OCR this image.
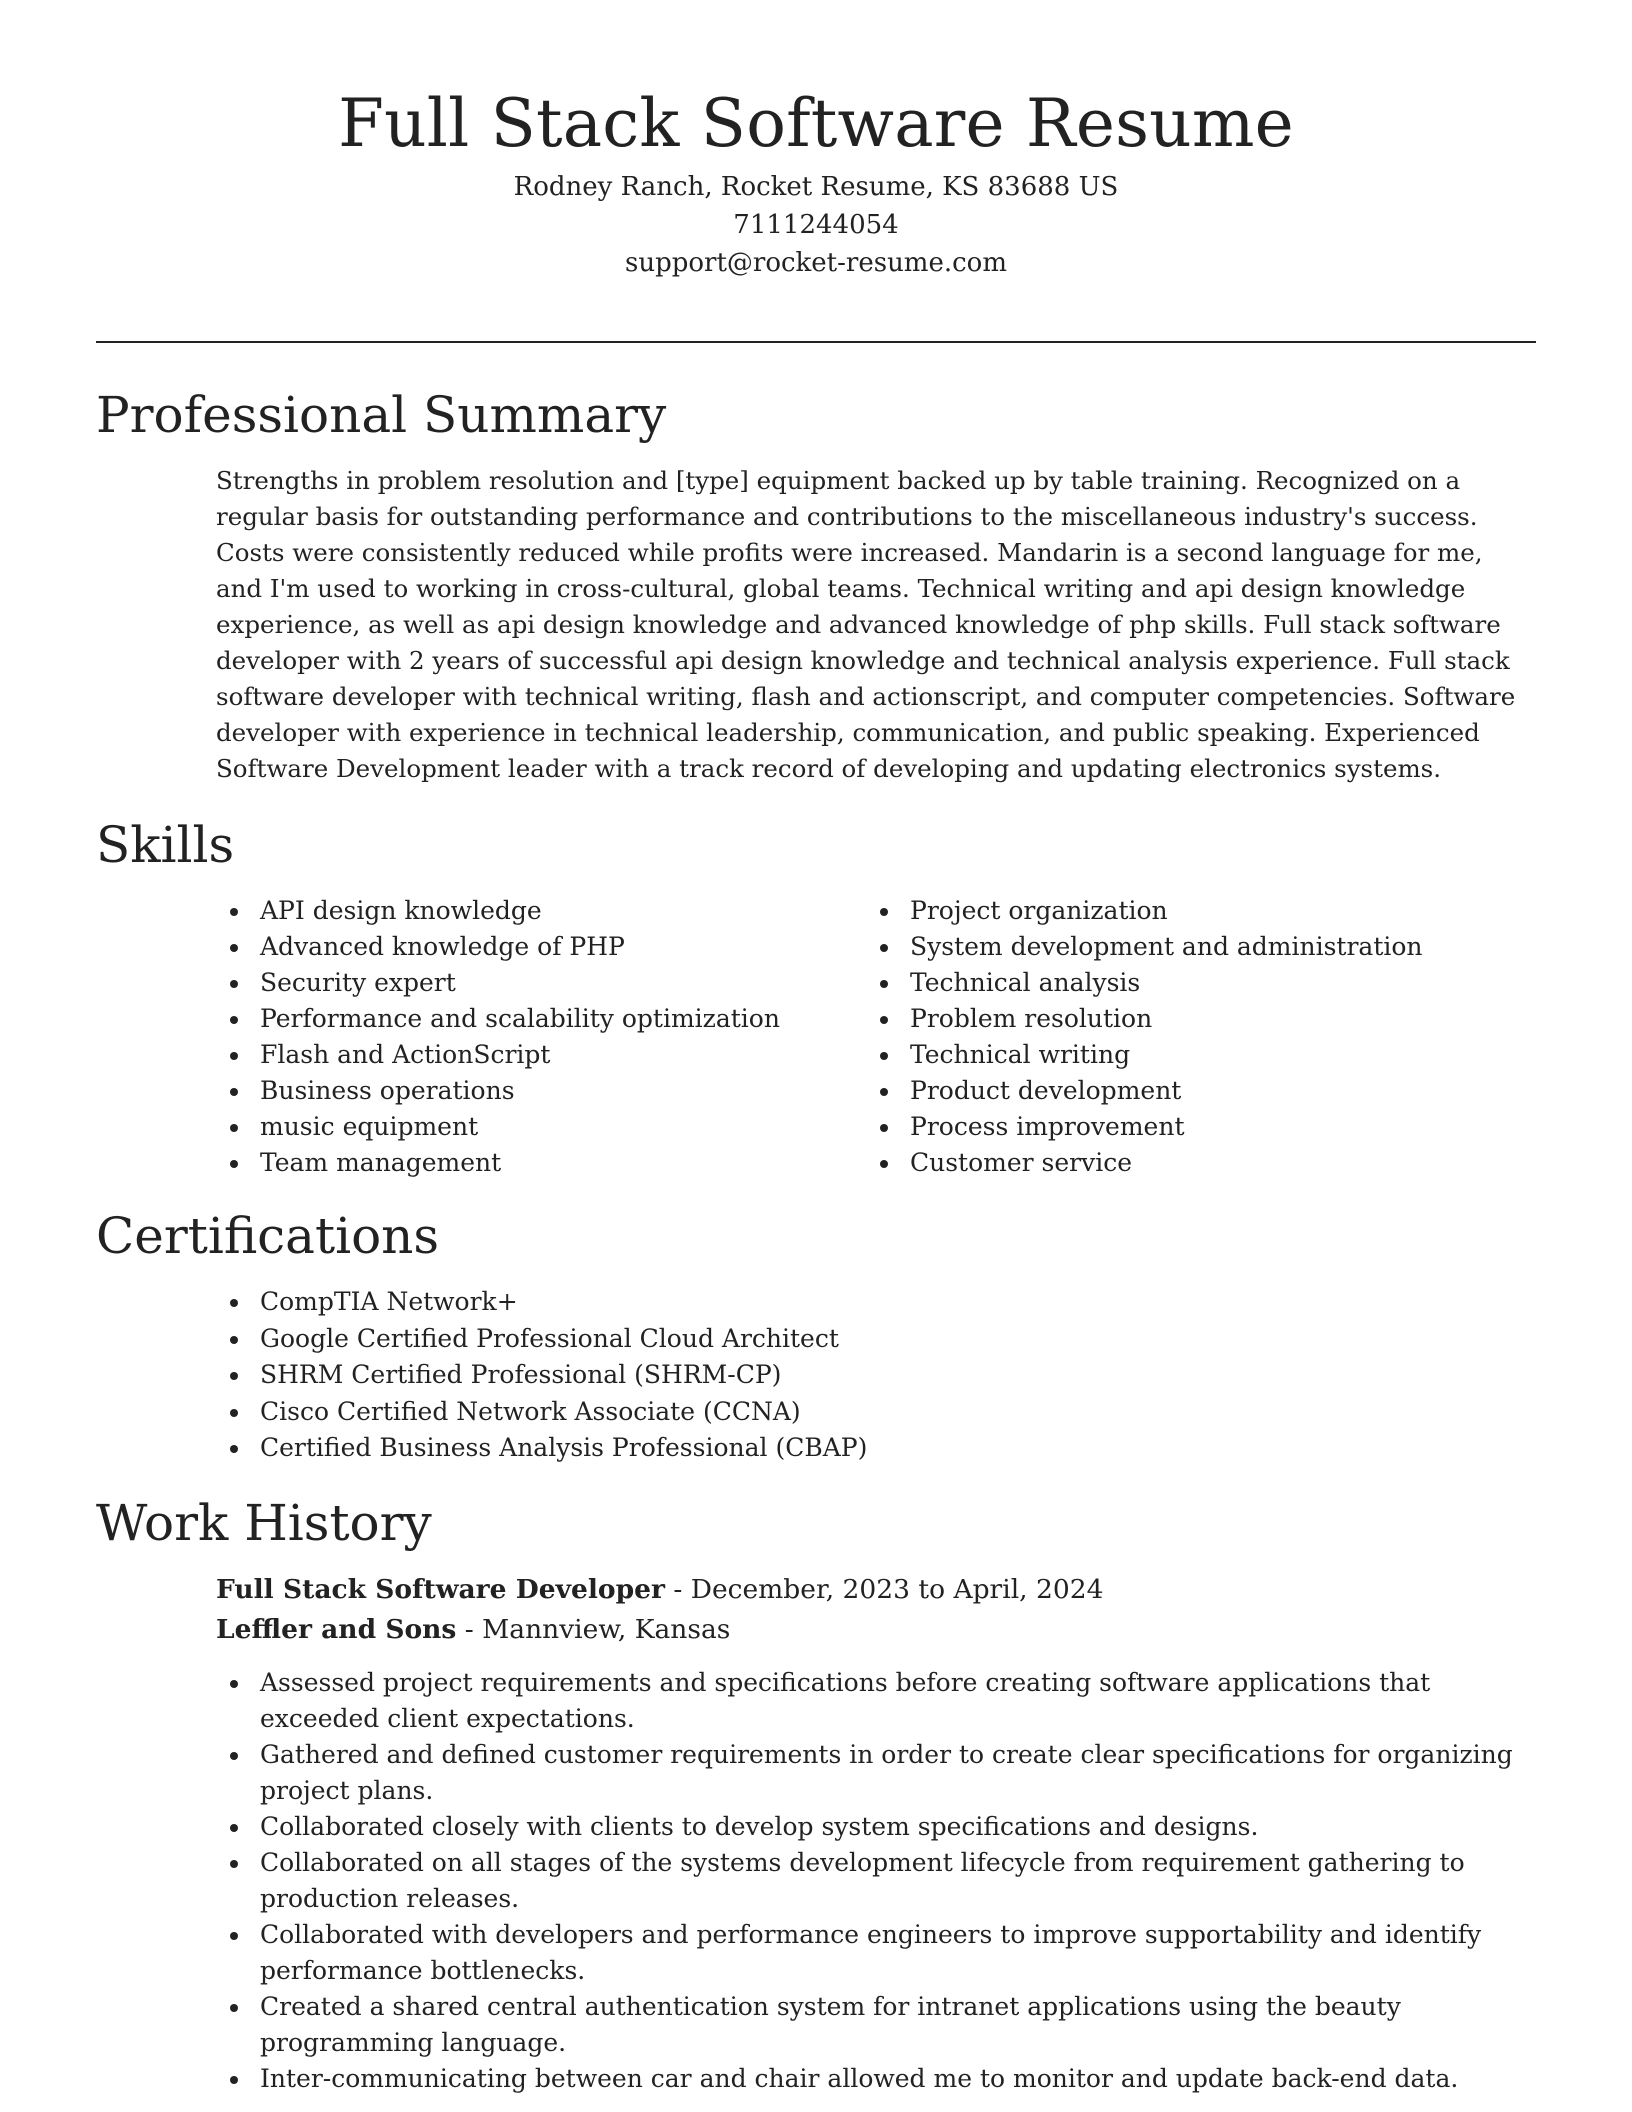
Full Stack Software Resume
Rodney Ranch, Rocket Resume, KS 83688 US
7111244054
support@rocket-resume.com
Professional Summary

Strengths in problem resolution and [type] equipment backed up by table training. Recognized on a regular basis for outstanding performance and contributions to the miscellaneous industry's success. Costs were consistently reduced while profits were increased. Mandarin is a second language for me, and I'm used to working in cross-cultural, global teams. Technical writing and api design knowledge experience, as well as api design knowledge and advanced knowledge of php skills. Full stack software developer with 2 years of successful api design knowledge and technical analysis experience. Full stack software developer with technical writing, flash and actionscript, and computer competencies. Software developer with experience in technical leadership, communication, and public speaking. Experienced Software Development leader with a track record of developing and updating electronics systems.

Skills
API design knowledge
Advanced knowledge of PHP
Security expert
Performance and scalability optimization
Flash and ActionScript
Business operations
music equipment
Team management
Project organization
System development and administration
Technical analysis
Problem resolution
Technical writing
Product development
Process improvement
Customer service
Certifications
CompTIA Network+
Google Certified Professional Cloud Architect
SHRM Certified Professional (SHRM-CP)
Cisco Certified Network Associate (CCNA)
Certified Business Analysis Professional (CBAP)
Work History
Full Stack Software Developer - December, 2023 to April, 2024
Leffler and Sons - Mannview, Kansas
Assessed project requirements and specifications before creating software applications that exceeded client expectations.
Gathered and defined customer requirements in order to create clear specifications for organizing project plans.
Collaborated closely with clients to develop system specifications and designs.
Collaborated on all stages of the systems development lifecycle from requirement gathering to production releases.
Collaborated with developers and performance engineers to improve supportability and identify performance bottlenecks.
Created a shared central authentication system for intranet applications using the beauty programming language.
Inter-communicating between car and chair allowed me to monitor and update back-end data.
